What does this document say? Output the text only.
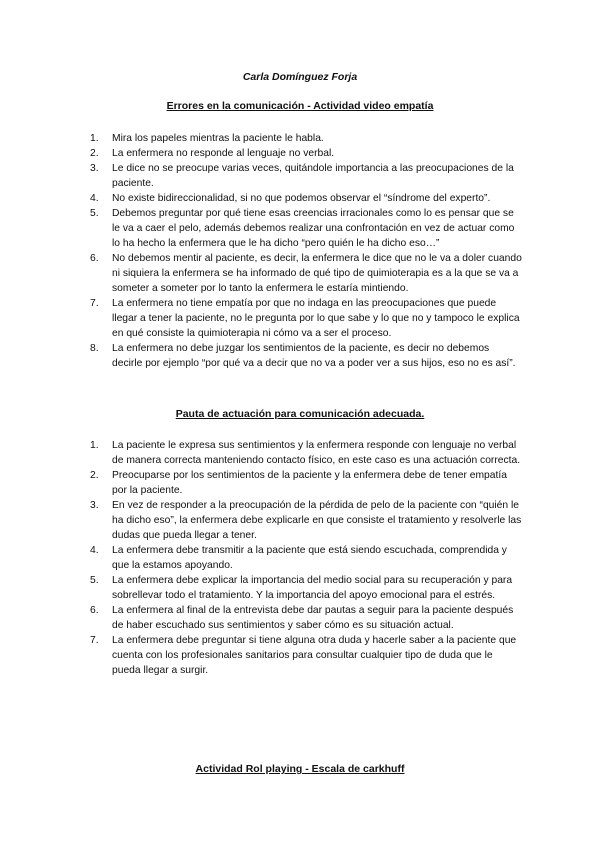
Carla Domínguez Forja
Errores en la comunicación - Actividad video empatía
1. Mira los papeles mientras la paciente le habla.
2. La enfermera no responde al lenguaje no verbal.
3. Le dice no se preocupe varias veces, quitándole importancia a las preocupaciones de la paciente.
4. No existe bidireccionalidad, si no que podemos observar el “síndrome del experto”.
5. Debemos preguntar por qué tiene esas creencias irracionales como lo es pensar que se le va a caer el pelo, además debemos realizar una confrontación en vez de actuar como lo ha hecho la enfermera que le ha dicho “pero quién le ha dicho eso…”
6. No debemos mentir al paciente, es decir, la enfermera le dice que no le va a doler cuando ni siquiera la enfermera se ha informado de qué tipo de quimioterapia es a la que se va a someter a someter por lo tanto la enfermera le estaría mintiendo.
7. La enfermera no tiene empatía por que no indaga en las preocupaciones que puede llegar a tener la paciente, no le pregunta por lo que sabe y lo que no y tampoco le explica en qué consiste la quimioterapia ni cómo va a ser el proceso.
8. La enfermera no debe juzgar los sentimientos de la paciente, es decir no debemos decirle por ejemplo “por qué va a decir que no va a poder ver a sus hijos, eso no es así”.
Pauta de actuación para comunicación adecuada.
1. La paciente le expresa sus sentimientos y la enfermera responde con lenguaje no verbal de manera correcta manteniendo contacto físico, en este caso es una actuación correcta.
2. Preocuparse por los sentimientos de la paciente y la enfermera debe de tener empatía por la paciente.
3. En vez de responder a la preocupación de la pérdida de pelo de la paciente con “quién le ha dicho eso”, la enfermera debe explicarle en que consiste el tratamiento y resolverle las dudas que pueda llegar a tener.
4. La enfermera debe transmitir a la paciente que está siendo escuchada, comprendida y que la estamos apoyando.
5. La enfermera debe explicar la importancia del medio social para su recuperación y para sobrellevar todo el tratamiento. Y la importancia del apoyo emocional para el estrés.
6. La enfermera al final de la entrevista debe dar pautas a seguir para la paciente después de haber escuchado sus sentimientos y saber cómo es su situación actual.
7. La enfermera debe preguntar si tiene alguna otra duda y hacerle saber a la paciente que cuenta con los profesionales sanitarios para consultar cualquier tipo de duda que le pueda llegar a surgir.
Actividad Rol playing - Escala de carkhuff
